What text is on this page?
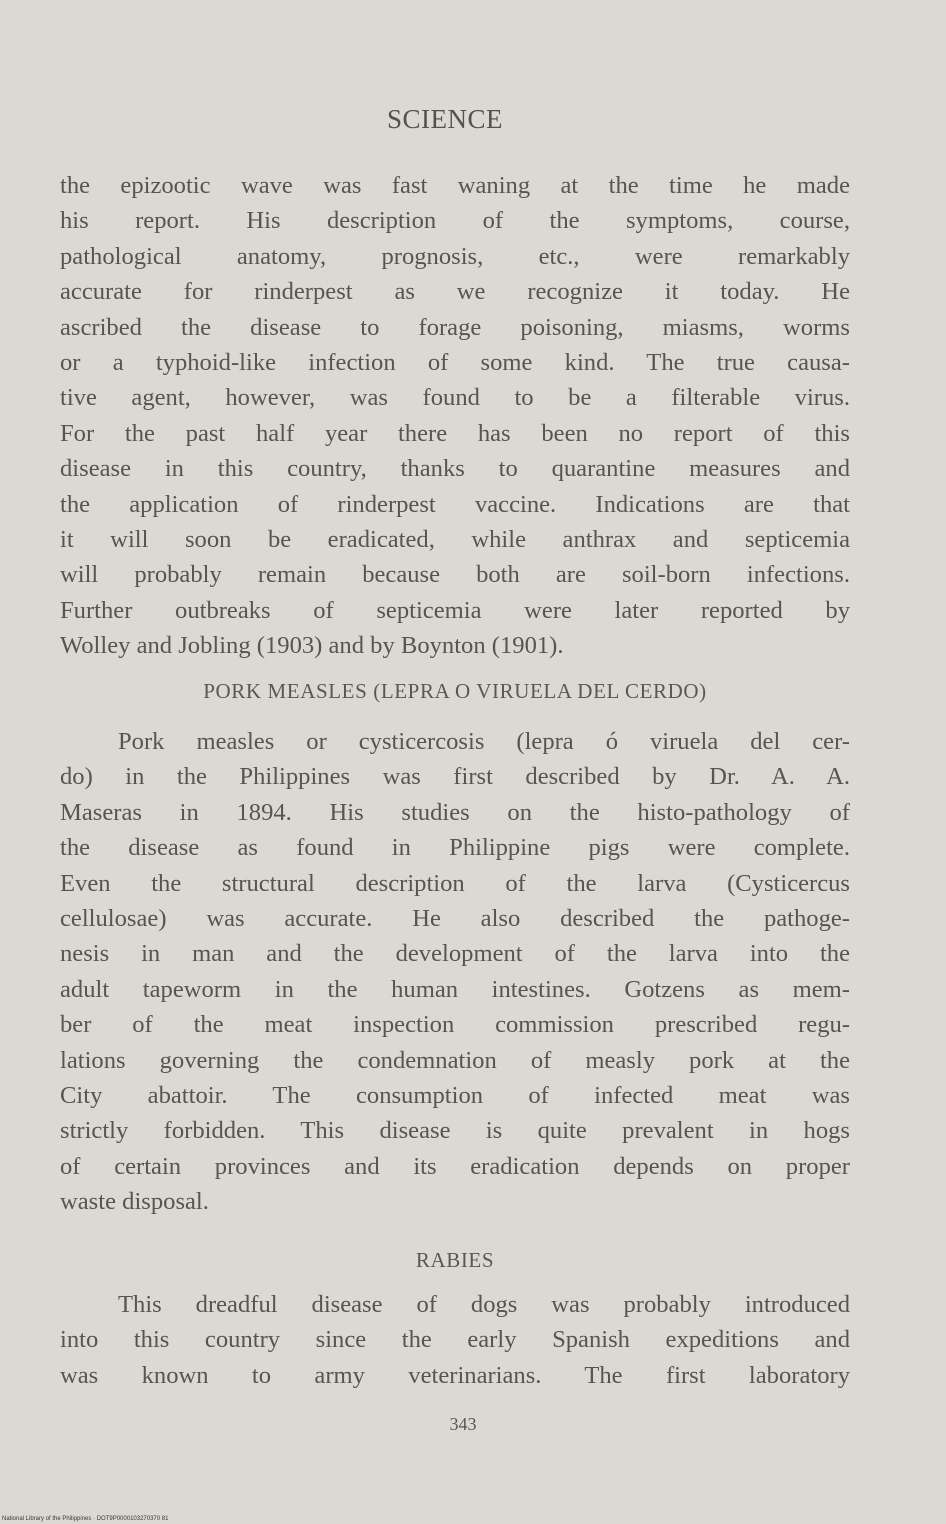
SCIENCE
the epizootic wave was fast waning at the time he made
his report. His description of the symptoms, course,
pathological anatomy, prognosis, etc., were remarkably
accurate for rinderpest as we recognize it today. He
ascribed the disease to forage poisoning, miasms, worms
or a typhoid-like infection of some kind. The true causa-
tive agent, however, was found to be a filterable virus.
For the past half year there has been no report of this
disease in this country, thanks to quarantine measures and
the application of rinderpest vaccine. Indications are that
it will soon be eradicated, while anthrax and septicemia
will probably remain because both are soil-born infections.
Further outbreaks of septicemia were later reported by
Wolley and Jobling (1903) and by Boynton (1901).
PORK MEASLES (LEPRA O VIRUELA DEL CERDO)
Pork measles or cysticercosis (lepra ó viruela del cer-
do) in the Philippines was first described by Dr. A. A.
Maseras in 1894. His studies on the histo-pathology of
the disease as found in Philippine pigs were complete.
Even the structural description of the larva (Cysticercus
cellulosae) was accurate. He also described the pathoge-
nesis in man and the development of the larva into the
adult tapeworm in the human intestines. Gotzens as mem-
ber of the meat inspection commission prescribed regu-
lations governing the condemnation of measly pork at the
City abattoir. The consumption of infected meat was
strictly forbidden. This disease is quite prevalent in hogs
of certain provinces and its eradication depends on proper
waste disposal.
RABIES
This dreadful disease of dogs was probably introduced
into this country since the early Spanish expeditions and
was known to army veterinarians. The first laboratory
343
National Library of the Philippines · DOT9P0000103270370 81
